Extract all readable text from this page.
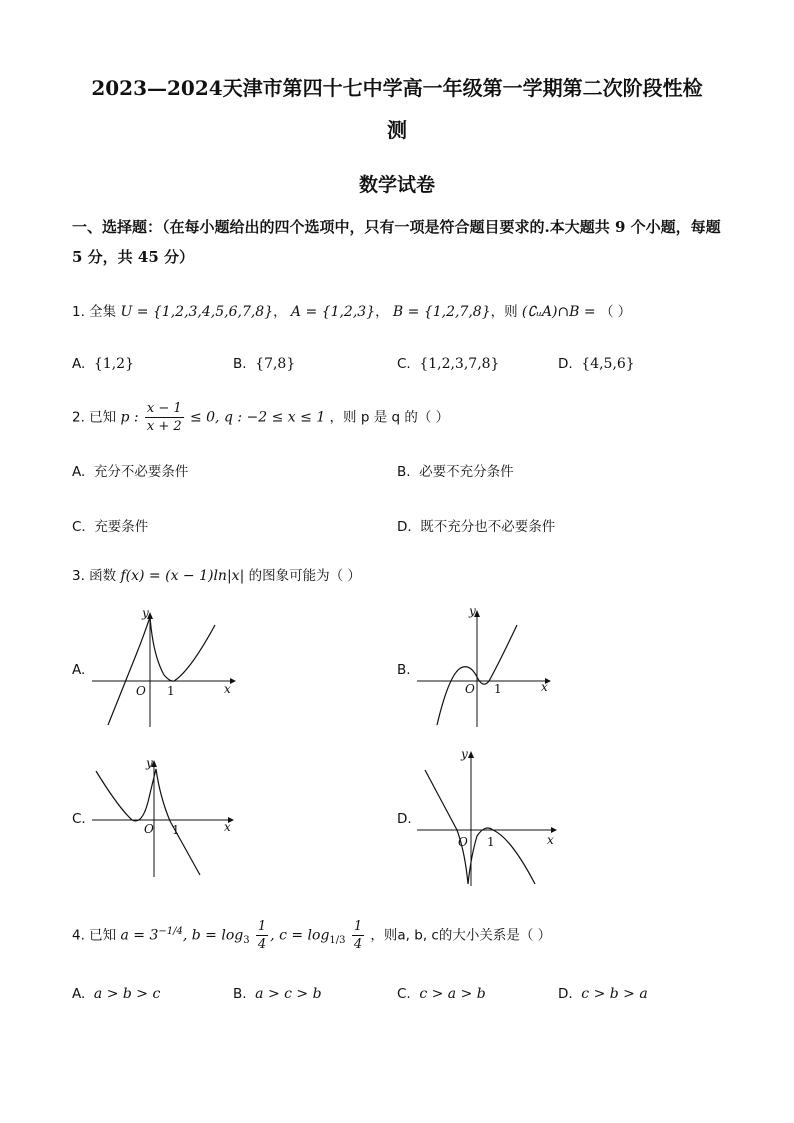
2023—2024天津市第四十七中学高一年级第一学期第二次阶段性检
测
数学试卷
一、选择题：（在每小题给出的四个选项中，只有一项是符合题目要求的.本大题共 9 个小题，每题 5 分，共 45 分）
1. 全集 U = {1,2,3,4,5,6,7,8}， A = {1,2,3}， B = {1,2,7,8}，则 (∁ᵤA)∩B = （ ）
A. {1,2}	B. {7,8}	C. {1,2,3,7,8}	D. {4,5,6}
2. 已知 p : $\frac{x - 1}{x + 2} \le 0$, q : −2 ≤ x ≤ 1 ，则 p 是 q 的（ ）
A. 充分不必要条件	B. 必要不充分条件
C. 充要条件	D. 既不充分也不必要条件
3. 函数 f(x) = (x − 1)ln|x| 的图象可能为（ ）
A.
y
x
O 1
B.
y
x
O 1
C.
y
x
O 1
D.
y
x
O 1
4. 已知 $a = 3^{-1/4}$, $b = \log_3 \frac{1}{4}$ , $c = \log_{1/3} \frac{1}{4}$ ，则a, b, c的大小关系是（ ）
A. a > b > c	B. a > c > b	C. c > a > b	D. c > b > a
